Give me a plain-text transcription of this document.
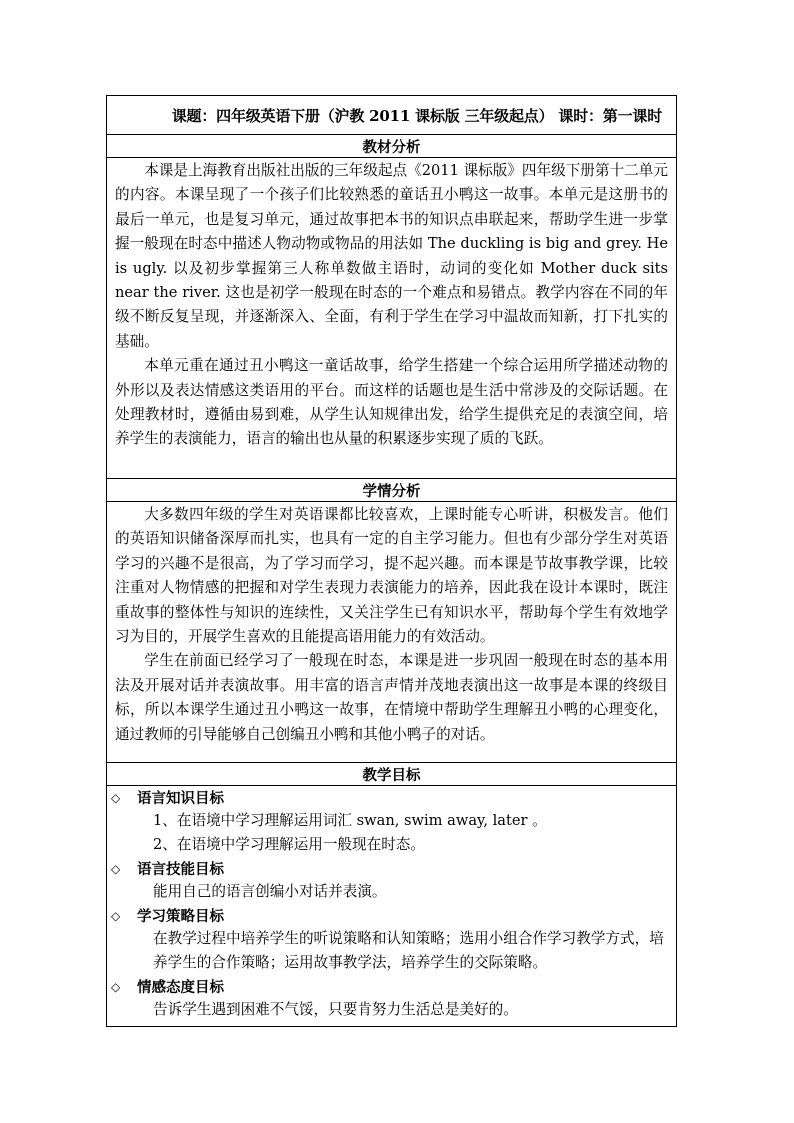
课题：四年级英语下册（沪教 2011 课标版 三年级起点） 课时：第一课时
教材分析

本课是上海教育出版社出版的三年级起点《2011 课标版》四年级下册第十二单元的内容。本课呈现了一个孩子们比较熟悉的童话丑小鸭这一故事。本单元是这册书的最后一单元，也是复习单元，通过故事把本书的知识点串联起来，帮助学生进一步掌握一般现在时态中描述人物动物或物品的用法如 The duckling is big and grey. He is ugly. 以及初步掌握第三人称单数做主语时，动词的变化如 Mother duck sits near the river. 这也是初学一般现在时态的一个难点和易错点。教学内容在不同的年级不断反复呈现，并逐渐深入、全面，有利于学生在学习中温故而知新，打下扎实的基础。

本单元重在通过丑小鸭这一童话故事，给学生搭建一个综合运用所学描述动物的外形以及表达情感这类语用的平台。而这样的话题也是生活中常涉及的交际话题。在处理教材时，遵循由易到难，从学生认知规律出发，给学生提供充足的表演空间，培养学生的表演能力，语言的输出也从量的积累逐步实现了质的飞跃。

学情分析

大多数四年级的学生对英语课都比较喜欢，上课时能专心听讲，积极发言。他们的英语知识储备深厚而扎实，也具有一定的自主学习能力。但也有少部分学生对英语学习的兴趣不是很高，为了学习而学习，提不起兴趣。而本课是节故事教学课，比较注重对人物情感的把握和对学生表现力表演能力的培养，因此我在设计本课时，既注重故事的整体性与知识的连续性，又关注学生已有知识水平，帮助每个学生有效地学习为目的，开展学生喜欢的且能提高语用能力的有效活动。

学生在前面已经学习了一般现在时态，本课是进一步巩固一般现在时态的基本用法及开展对话并表演故事。用丰富的语言声情并茂地表演出这一故事是本课的终级目标，所以本课学生通过丑小鸭这一故事，在情境中帮助学生理解丑小鸭的心理变化，通过教师的引导能够自己创编丑小鸭和其他小鸭子的对话。

教学目标

◇	语言知识目标

1、在语境中学习理解运用词汇 swan, swim away, later 。

2、在语境中学习理解运用一般现在时态。

◇	语言技能目标

能用自己的语言创编小对话并表演。

◇	学习策略目标

在教学过程中培养学生的听说策略和认知策略；选用小组合作学习教学方式，培养学生的合作策略；运用故事教学法，培养学生的交际策略。

◇	情感态度目标

告诉学生遇到困难不气馁，只要肯努力生活总是美好的。
